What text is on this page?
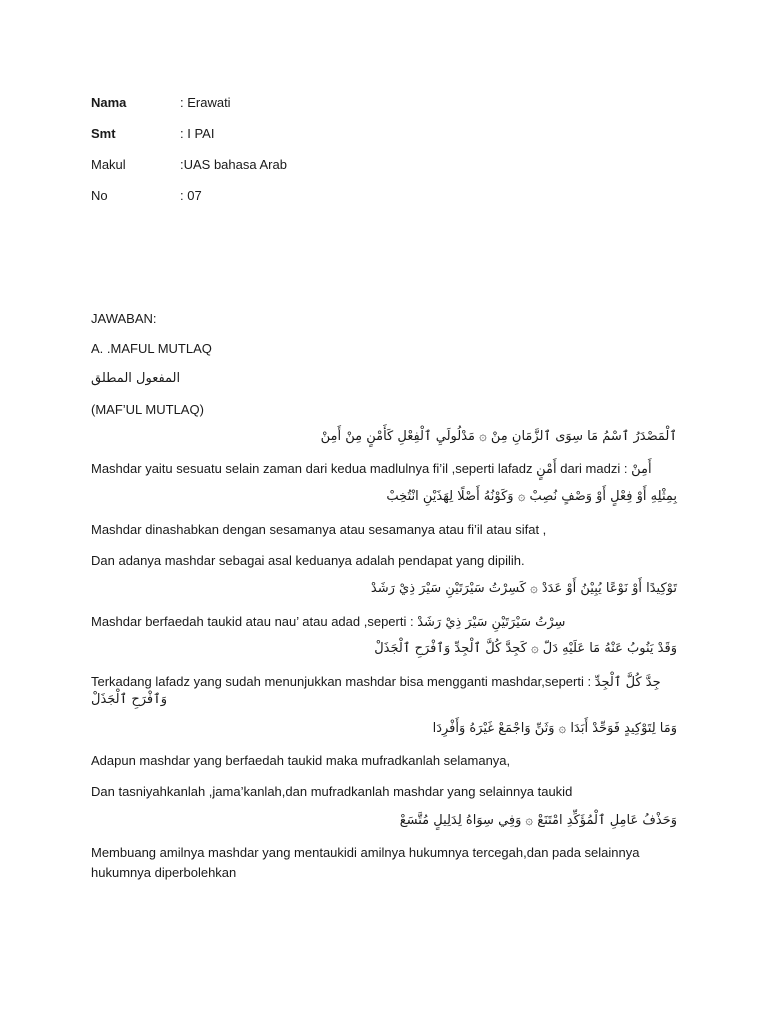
Nama	: Erawati
Smt	: I PAI
Makul	:UAS bahasa Arab
No	: 07
JAWABAN:
A. .MAFUL MUTLAQ
المفعول المطلق
(MAF’UL MUTLAQ)
ٱلْمَصْدَرُ ٱسْمُ مَا سِوَى ٱلزَّمَانِ مِنْ ۞ مَدْلُولَيِ ٱلْفِعْلِ كَأَمْنٍ مِنْ أَمِنْ
Mashdar yaitu sesuatu selain zaman dari kedua madlulnya fi’il ,seperti lafadz أَمْنٍ dari madzi : أَمِنْ
بِمِثْلِهِ أَوْ فِعْلٍ أَوْ وَصْفٍ نُصِبْ ۞ وَكَوْنُهُ أَصْلًا لِهَذَيْنِ انْتُخِبْ
Mashdar dinashabkan dengan sesamanya atau sesamanya atau fi’il atau sifat ,
Dan adanya mashdar sebagai asal keduanya adalah pendapat yang dipilih.
تَوْكِيدًا أَوْ نَوْعًا يُبِيْنُ أَوْ عَدَدْ ۞ كَسِرْتُ سَيْرَتَيْنِ سَيْرَ ذِيْ رَشَدْ
Mashdar berfaedah taukid atau nau’ atau adad ,seperti : سِرْتُ سَيْرَتَيْنِ سَيْرَ ذِيْ رَشَدْ
وَقَدْ يَنُوبُ عَنْهُ مَا عَلَيْهِ دَلّ ۞ كَجِدَّ كُلَّ ٱلْجِدِّ وَٱفْرَحِ ٱلْجَذَلْ
Terkadang lafadz yang sudah menunjukkan mashdar bisa mengganti mashdar,seperti : جِدَّ كُلَّ ٱلْجِدِّ
وَٱفْرَحِ ٱلْجَذَلْ
وَمَا لِتَوْكِيدٍ فَوَحِّدْ أَبَدَا ۞ وَثَنِّ وَاجْمَعْ غَيْرَهُ وَأَفْرِدَا
Adapun mashdar yang berfaedah taukid maka mufradkanlah selamanya,
Dan tasniyahkanlah ,jama’kanlah,dan mufradkanlah mashdar yang selainnya taukid
وَحَذْفُ عَامِلِ ٱلْمُؤَكِّدِ امْتَنَعْ ۞ وَفِي سِوَاهُ لِدَلِيلٍ مُتَّسَعْ
Membuang amilnya mashdar yang mentaukidi amilnya hukumnya tercegah,dan pada selainnya hukumnya diperbolehkan
